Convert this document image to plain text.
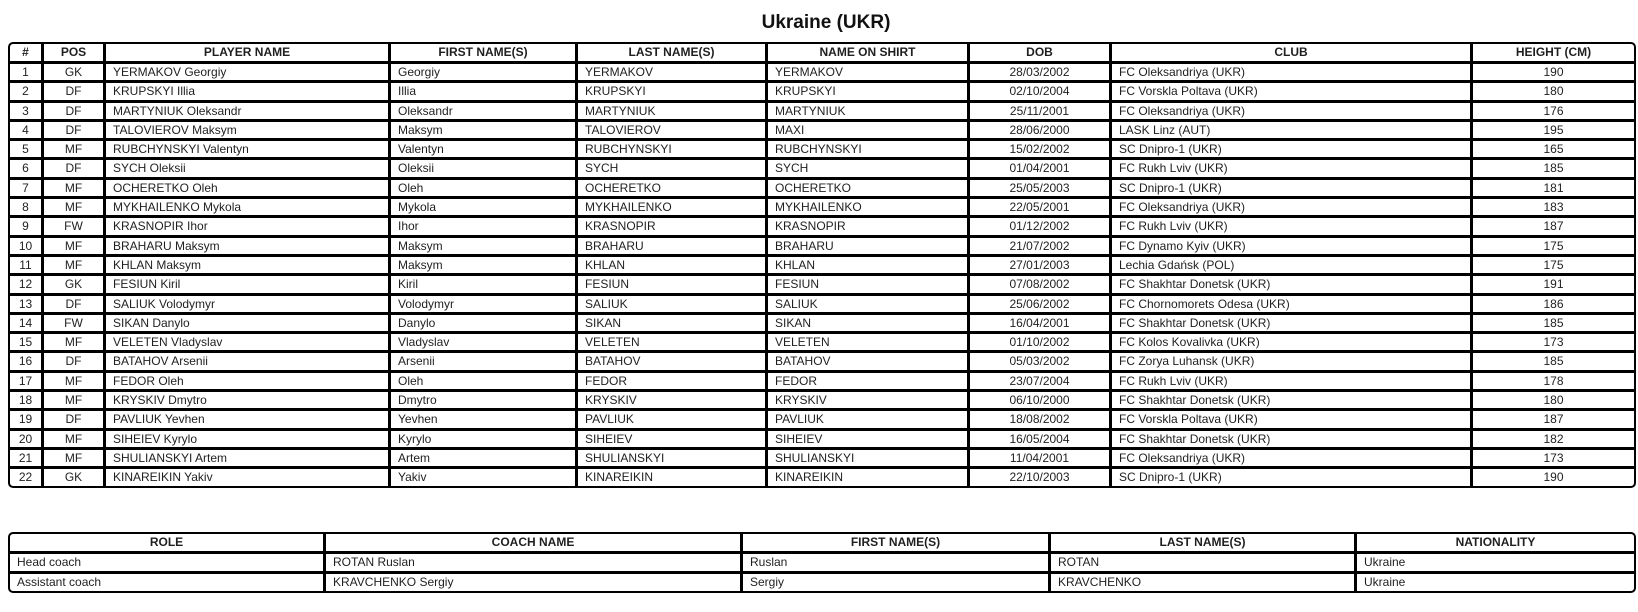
Ukraine (UKR)
#	POS	PLAYER NAME	FIRST NAME(S)	LAST NAME(S)	NAME ON SHIRT	DOB	CLUB	HEIGHT (CM)
1	GK	YERMAKOV Georgiy	Georgiy	YERMAKOV	YERMAKOV	28/03/2002	FC Oleksandriya (UKR)	190
2	DF	KRUPSKYI Illia	Illia	KRUPSKYI	KRUPSKYI	02/10/2004	FC Vorskla Poltava (UKR)	180
3	DF	MARTYNIUK Oleksandr	Oleksandr	MARTYNIUK	MARTYNIUK	25/11/2001	FC Oleksandriya (UKR)	176
4	DF	TALOVIEROV Maksym	Maksym	TALOVIEROV	MAXI	28/06/2000	LASK Linz (AUT)	195
5	MF	RUBCHYNSKYI Valentyn	Valentyn	RUBCHYNSKYI	RUBCHYNSKYI	15/02/2002	SC Dnipro-1 (UKR)	165
6	DF	SYCH Oleksii	Oleksii	SYCH	SYCH	01/04/2001	FC Rukh Lviv (UKR)	185
7	MF	OCHERETKO Oleh	Oleh	OCHERETKO	OCHERETKO	25/05/2003	SC Dnipro-1 (UKR)	181
8	MF	MYKHAILENKO Mykola	Mykola	MYKHAILENKO	MYKHAILENKO	22/05/2001	FC Oleksandriya (UKR)	183
9	FW	KRASNOPIR Ihor	Ihor	KRASNOPIR	KRASNOPIR	01/12/2002	FC Rukh Lviv (UKR)	187
10	MF	BRAHARU Maksym	Maksym	BRAHARU	BRAHARU	21/07/2002	FC Dynamo Kyiv (UKR)	175
11	MF	KHLAN Maksym	Maksym	KHLAN	KHLAN	27/01/2003	Lechia Gdańsk (POL)	175
12	GK	FESIUN Kiril	Kiril	FESIUN	FESIUN	07/08/2002	FC Shakhtar Donetsk (UKR)	191
13	DF	SALIUK Volodymyr	Volodymyr	SALIUK	SALIUK	25/06/2002	FC Chornomorets Odesa (UKR)	186
14	FW	SIKAN Danylo	Danylo	SIKAN	SIKAN	16/04/2001	FC Shakhtar Donetsk (UKR)	185
15	MF	VELETEN Vladyslav	Vladyslav	VELETEN	VELETEN	01/10/2002	FC Kolos Kovalivka (UKR)	173
16	DF	BATAHOV Arsenii	Arsenii	BATAHOV	BATAHOV	05/03/2002	FC Zorya Luhansk (UKR)	185
17	MF	FEDOR Oleh	Oleh	FEDOR	FEDOR	23/07/2004	FC Rukh Lviv (UKR)	178
18	MF	KRYSKIV Dmytro	Dmytro	KRYSKIV	KRYSKIV	06/10/2000	FC Shakhtar Donetsk (UKR)	180
19	DF	PAVLIUK Yevhen	Yevhen	PAVLIUK	PAVLIUK	18/08/2002	FC Vorskla Poltava (UKR)	187
20	MF	SIHEIEV Kyrylo	Kyrylo	SIHEIEV	SIHEIEV	16/05/2004	FC Shakhtar Donetsk (UKR)	182
21	MF	SHULIANSKYI Artem	Artem	SHULIANSKYI	SHULIANSKYI	11/04/2001	FC Oleksandriya (UKR)	173
22	GK	KINAREIKIN Yakiv	Yakiv	KINAREIKIN	KINAREIKIN	22/10/2003	SC Dnipro-1 (UKR)	190
ROLE	COACH NAME	FIRST NAME(S)	LAST NAME(S)	NATIONALITY
Head coach	ROTAN Ruslan	Ruslan	ROTAN	Ukraine
Assistant coach	KRAVCHENKO Sergiy	Sergiy	KRAVCHENKO	Ukraine
